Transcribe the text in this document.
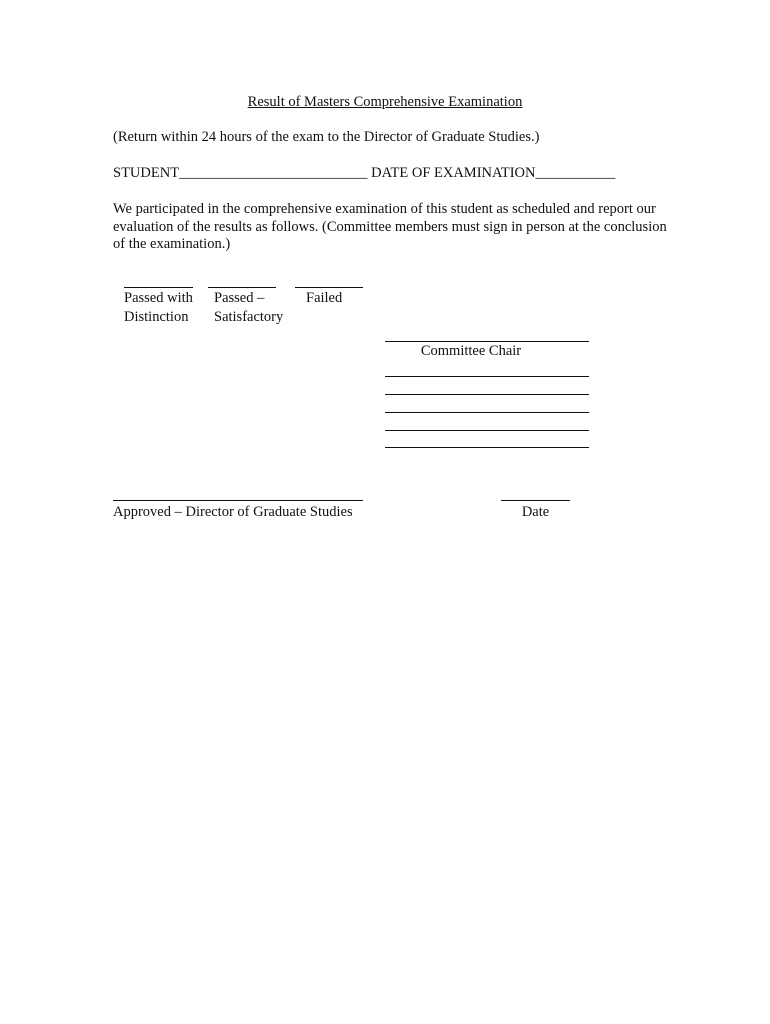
Result of Masters Comprehensive Examination
(Return within 24 hours of the exam to the Director of Graduate Studies.)
STUDENT__________________________ DATE OF EXAMINATION___________
We participated in the comprehensive examination of this student as scheduled and report our evaluation of the results as follows. (Committee members must sign in person at the conclusion of the examination.)
Passed with
Distinction
Passed –
Satisfactory
Failed
Committee Chair
Approved – Director of Graduate Studies	Date
